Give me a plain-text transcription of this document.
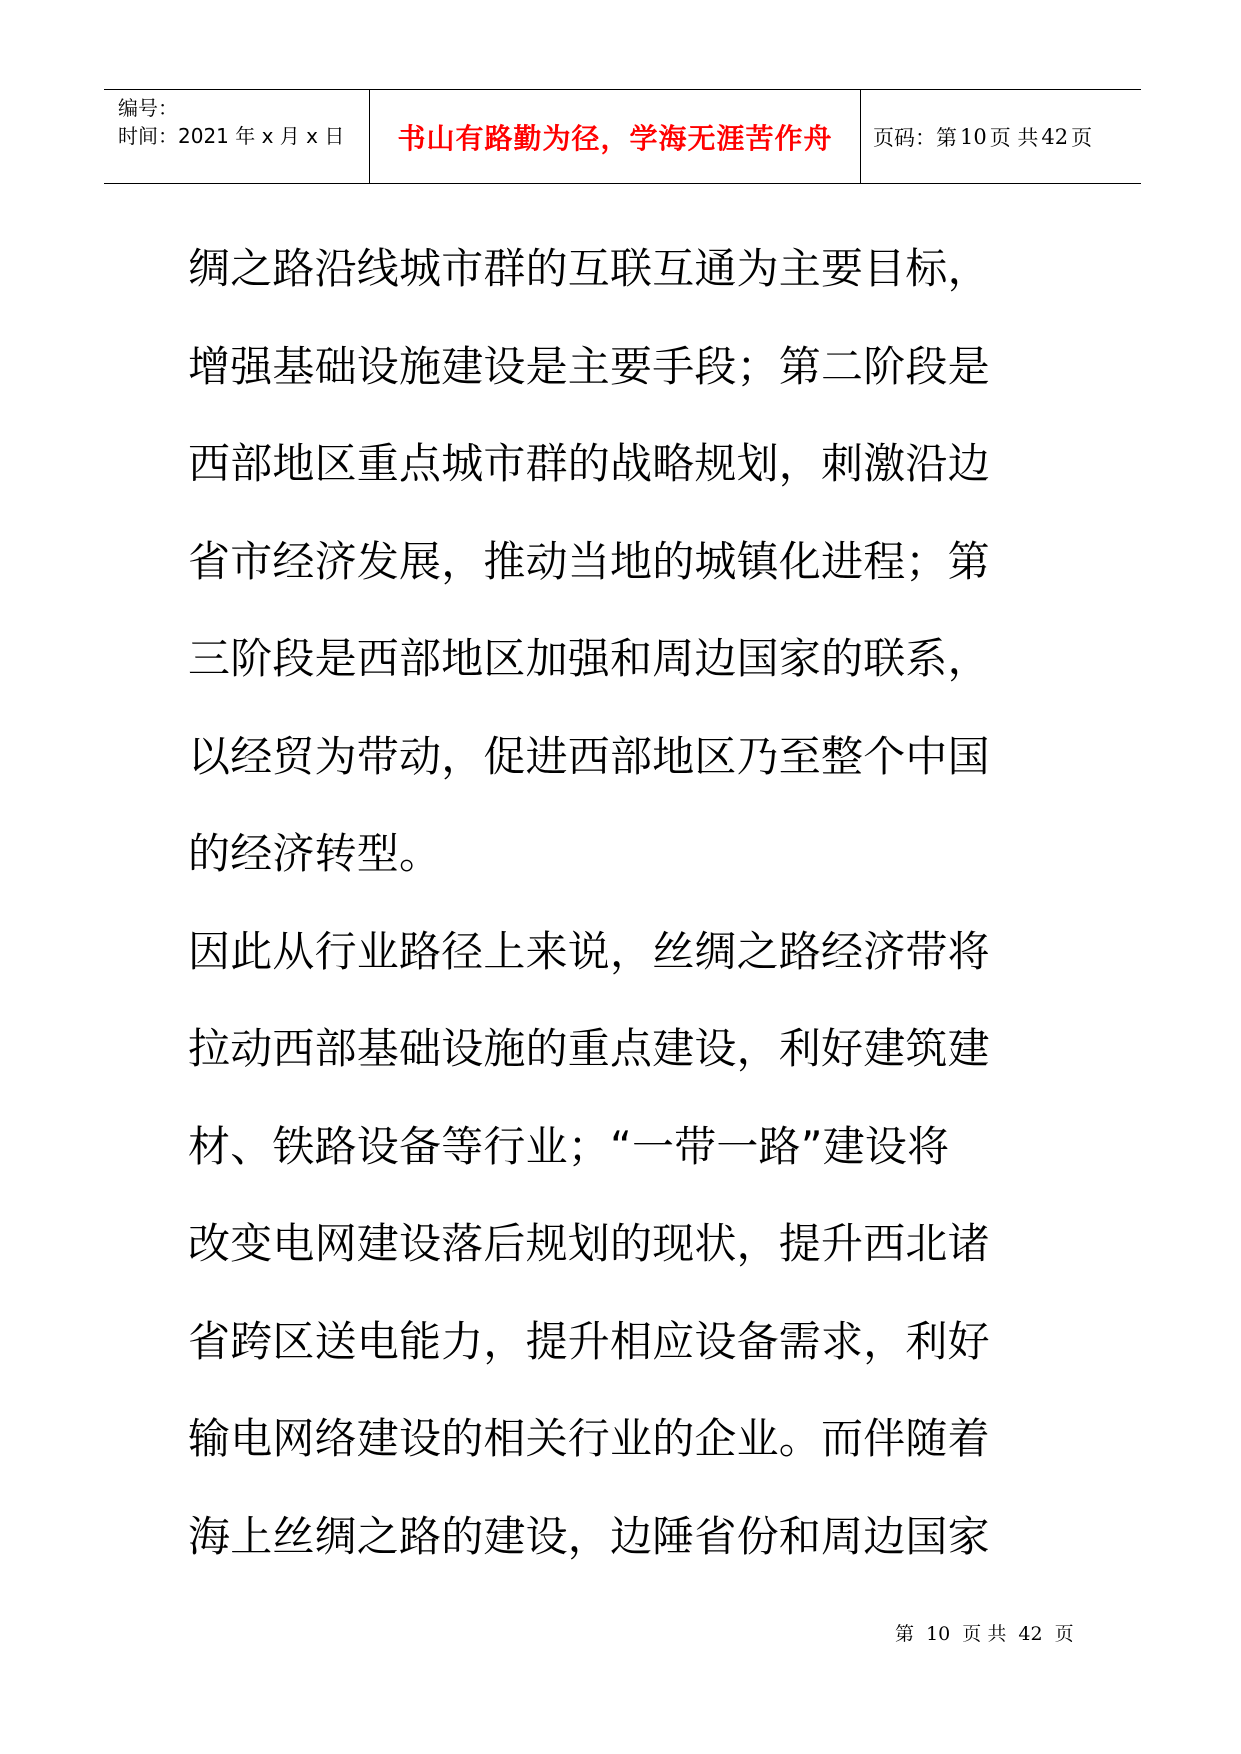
编号：
时间：2021 年 x 月 x 日	书山有路勤为径，学海无涯苦作舟 页码：第 10 页 共 42 页
绸之路沿线城市群的互联互通为主要目标，
增强基础设施建设是主要手段；第二阶段是
西部地区重点城市群的战略规划，刺激沿边
省市经济发展，推动当地的城镇化进程；第
三阶段是西部地区加强和周边国家的联系，
以经贸为带动，促进西部地区乃至整个中国
的经济转型。
因此从行业路径上来说，丝绸之路经济带将
拉动西部基础设施的重点建设，利好建筑建
材、铁路设备等行业；“一带一路”建设将
改变电网建设落后规划的现状，提升西北诸
省跨区送电能力，提升相应设备需求，利好
输电网络建设的相关行业的企业。而伴随着
海上丝绸之路的建设，边陲省份和周边国家
第 10 页 共 42 页
